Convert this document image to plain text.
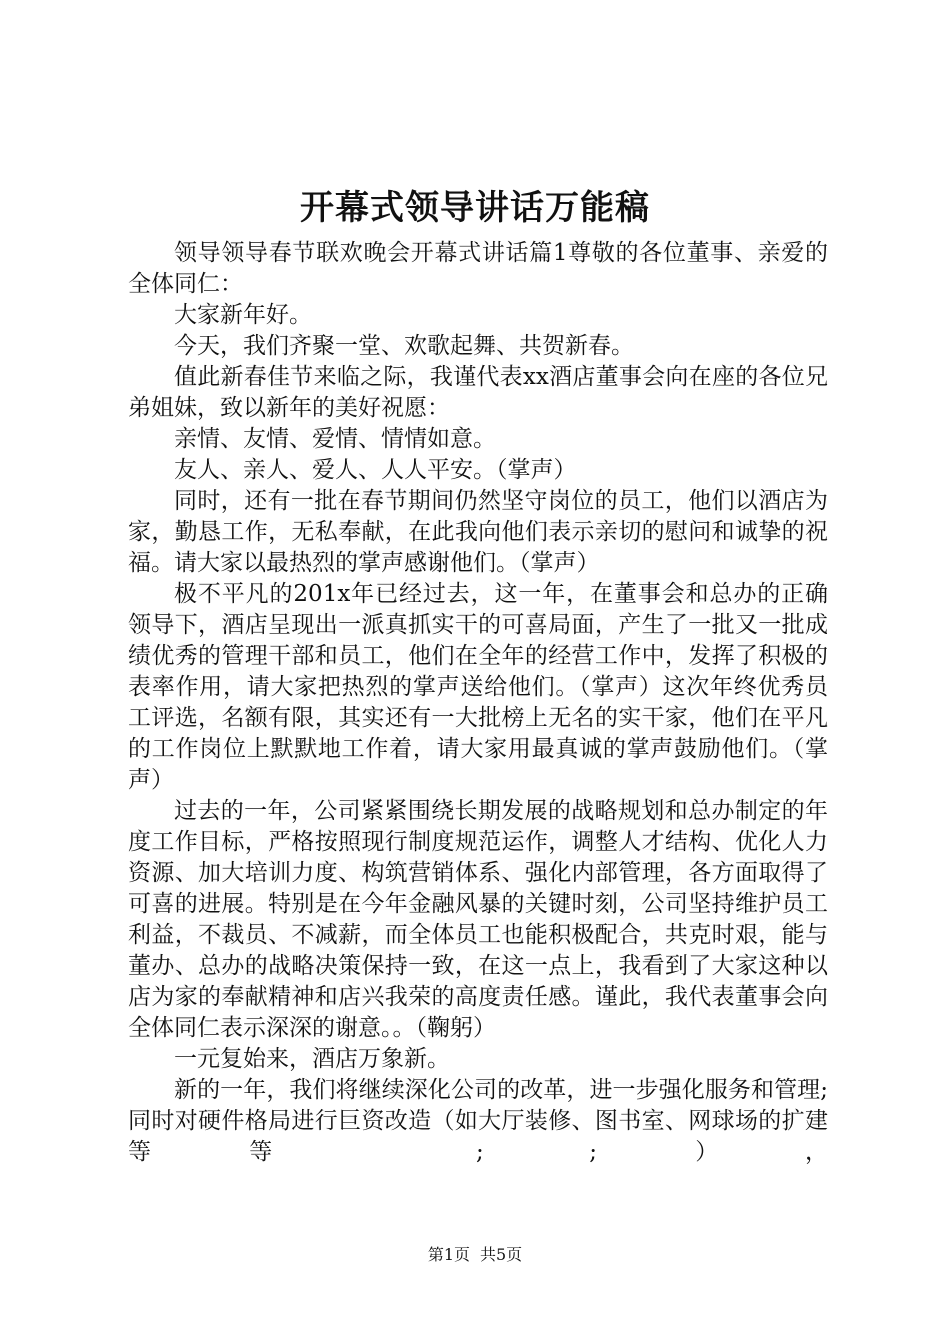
开幕式领导讲话万能稿

领导领导春节联欢晚会开幕式讲话篇1尊敬的各位董事、亲爱的全体同仁：

大家新年好。

今天，我们齐聚一堂、欢歌起舞、共贺新春。

值此新春佳节来临之际，我谨代表xx酒店董事会向在座的各位兄弟姐妹，致以新年的美好祝愿：

亲情、友情、爱情、情情如意。

友人、亲人、爱人、人人平安。（掌声）

同时，还有一批在春节期间仍然坚守岗位的员工，他们以酒店为家，勤恳工作，无私奉献，在此我向他们表示亲切的慰问和诚挚的祝福。请大家以最热烈的掌声感谢他们。（掌声）

极不平凡的201x年已经过去，这一年，在董事会和总办的正确领导下，酒店呈现出一派真抓实干的可喜局面，产生了一批又一批成绩优秀的管理干部和员工，他们在全年的经营工作中，发挥了积极的表率作用，请大家把热烈的掌声送给他们。（掌声）这次年终优秀员工评选，名额有限，其实还有一大批榜上无名的实干家，他们在平凡的工作岗位上默默地工作着，请大家用最真诚的掌声鼓励他们。（掌声）

过去的一年，公司紧紧围绕长期发展的战略规划和总办制定的年度工作目标，严格按照现行制度规范运作，调整人才结构、优化人力资源、加大培训力度、构筑营销体系、强化内部管理，各方面取得了可喜的进展。特别是在今年金融风暴的关键时刻，公司坚持维护员工利益，不裁员、不减薪，而全体员工也能积极配合，共克时艰，能与董办、总办的战略决策保持一致，在这一点上，我看到了大家这种以店为家的奉献精神和店兴我荣的高度责任感。谨此，我代表董事会向全体同仁表示深深的谢意。。（鞠躬）

一元复始来，酒店万象新。

新的一年，我们将继续深化公司的改革，进一步强化服务和管理;同时对硬件格局进行巨资改造（如大厅装修、图书室、网球场的扩建等等 ; ;），

第1页 共5页
